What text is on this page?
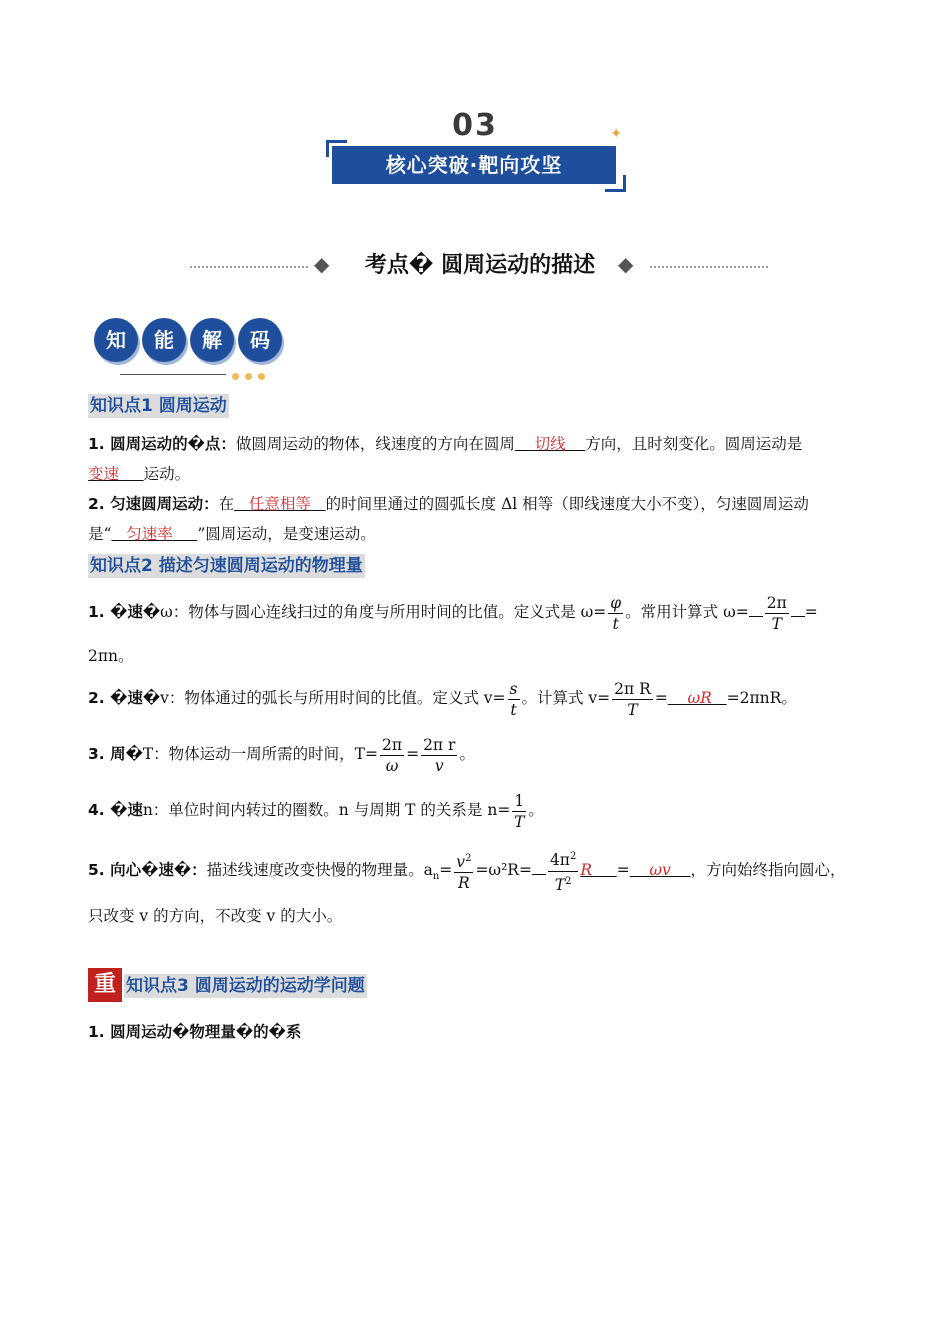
03
核心突破·靶向攻坚
✦
◆	考点� 圆周运动的描述	◆
知	能	解	码
知识点1 圆周运动
1. 圆周运动的�点：做圆周运动的物体，线速度的方向在圆周 切线 方向，且时刻变化。圆周运动是
变速 运动。
2. 匀速圆周运动：在 任意相等 的时间里通过的圆弧长度 Δl 相等（即线速度大小不变），匀速圆周运动
是“ 匀速率 ”圆周运动，是变速运动。
知识点2 描述匀速圆周运动的物理量
1. �速�ω：物体与圆心连线扫过的角度与所用时间的比值。定义式是 $\omega= \frac{\varphi}{t}$ 。常用计算式 $\omega= \frac{2\pi}{T}$ =
2πn。
2. �速�v：物体通过的弧长与所用时间的比值。定义式 $v= \frac{s}{t}$ 。计算式 $v= \frac{\text{2π R}}{T} = \omega R =2\pi nR$。
3. 周�T：物体运动一周所需的时间，$T= \frac{2\pi}{\omega} = \frac{\text{2π r}}{v}$ 。
4. �速n：单位时间内转过的圈数。n 与周期 T 的关系是 $n= \frac{1}{T}$ 。
5. 向心�速�：描述线速度改变快慢的物理量。$a_n= \frac{v^2}{R} =\omega^2R= \frac{4\pi^2}{T^2}$ R = ωv ，方向始终指向圆心，
只改变 v 的方向，不改变 v 的大小。
重 知识点3 圆周运动的运动学问题
1. 圆周运动�物理量�的�系
